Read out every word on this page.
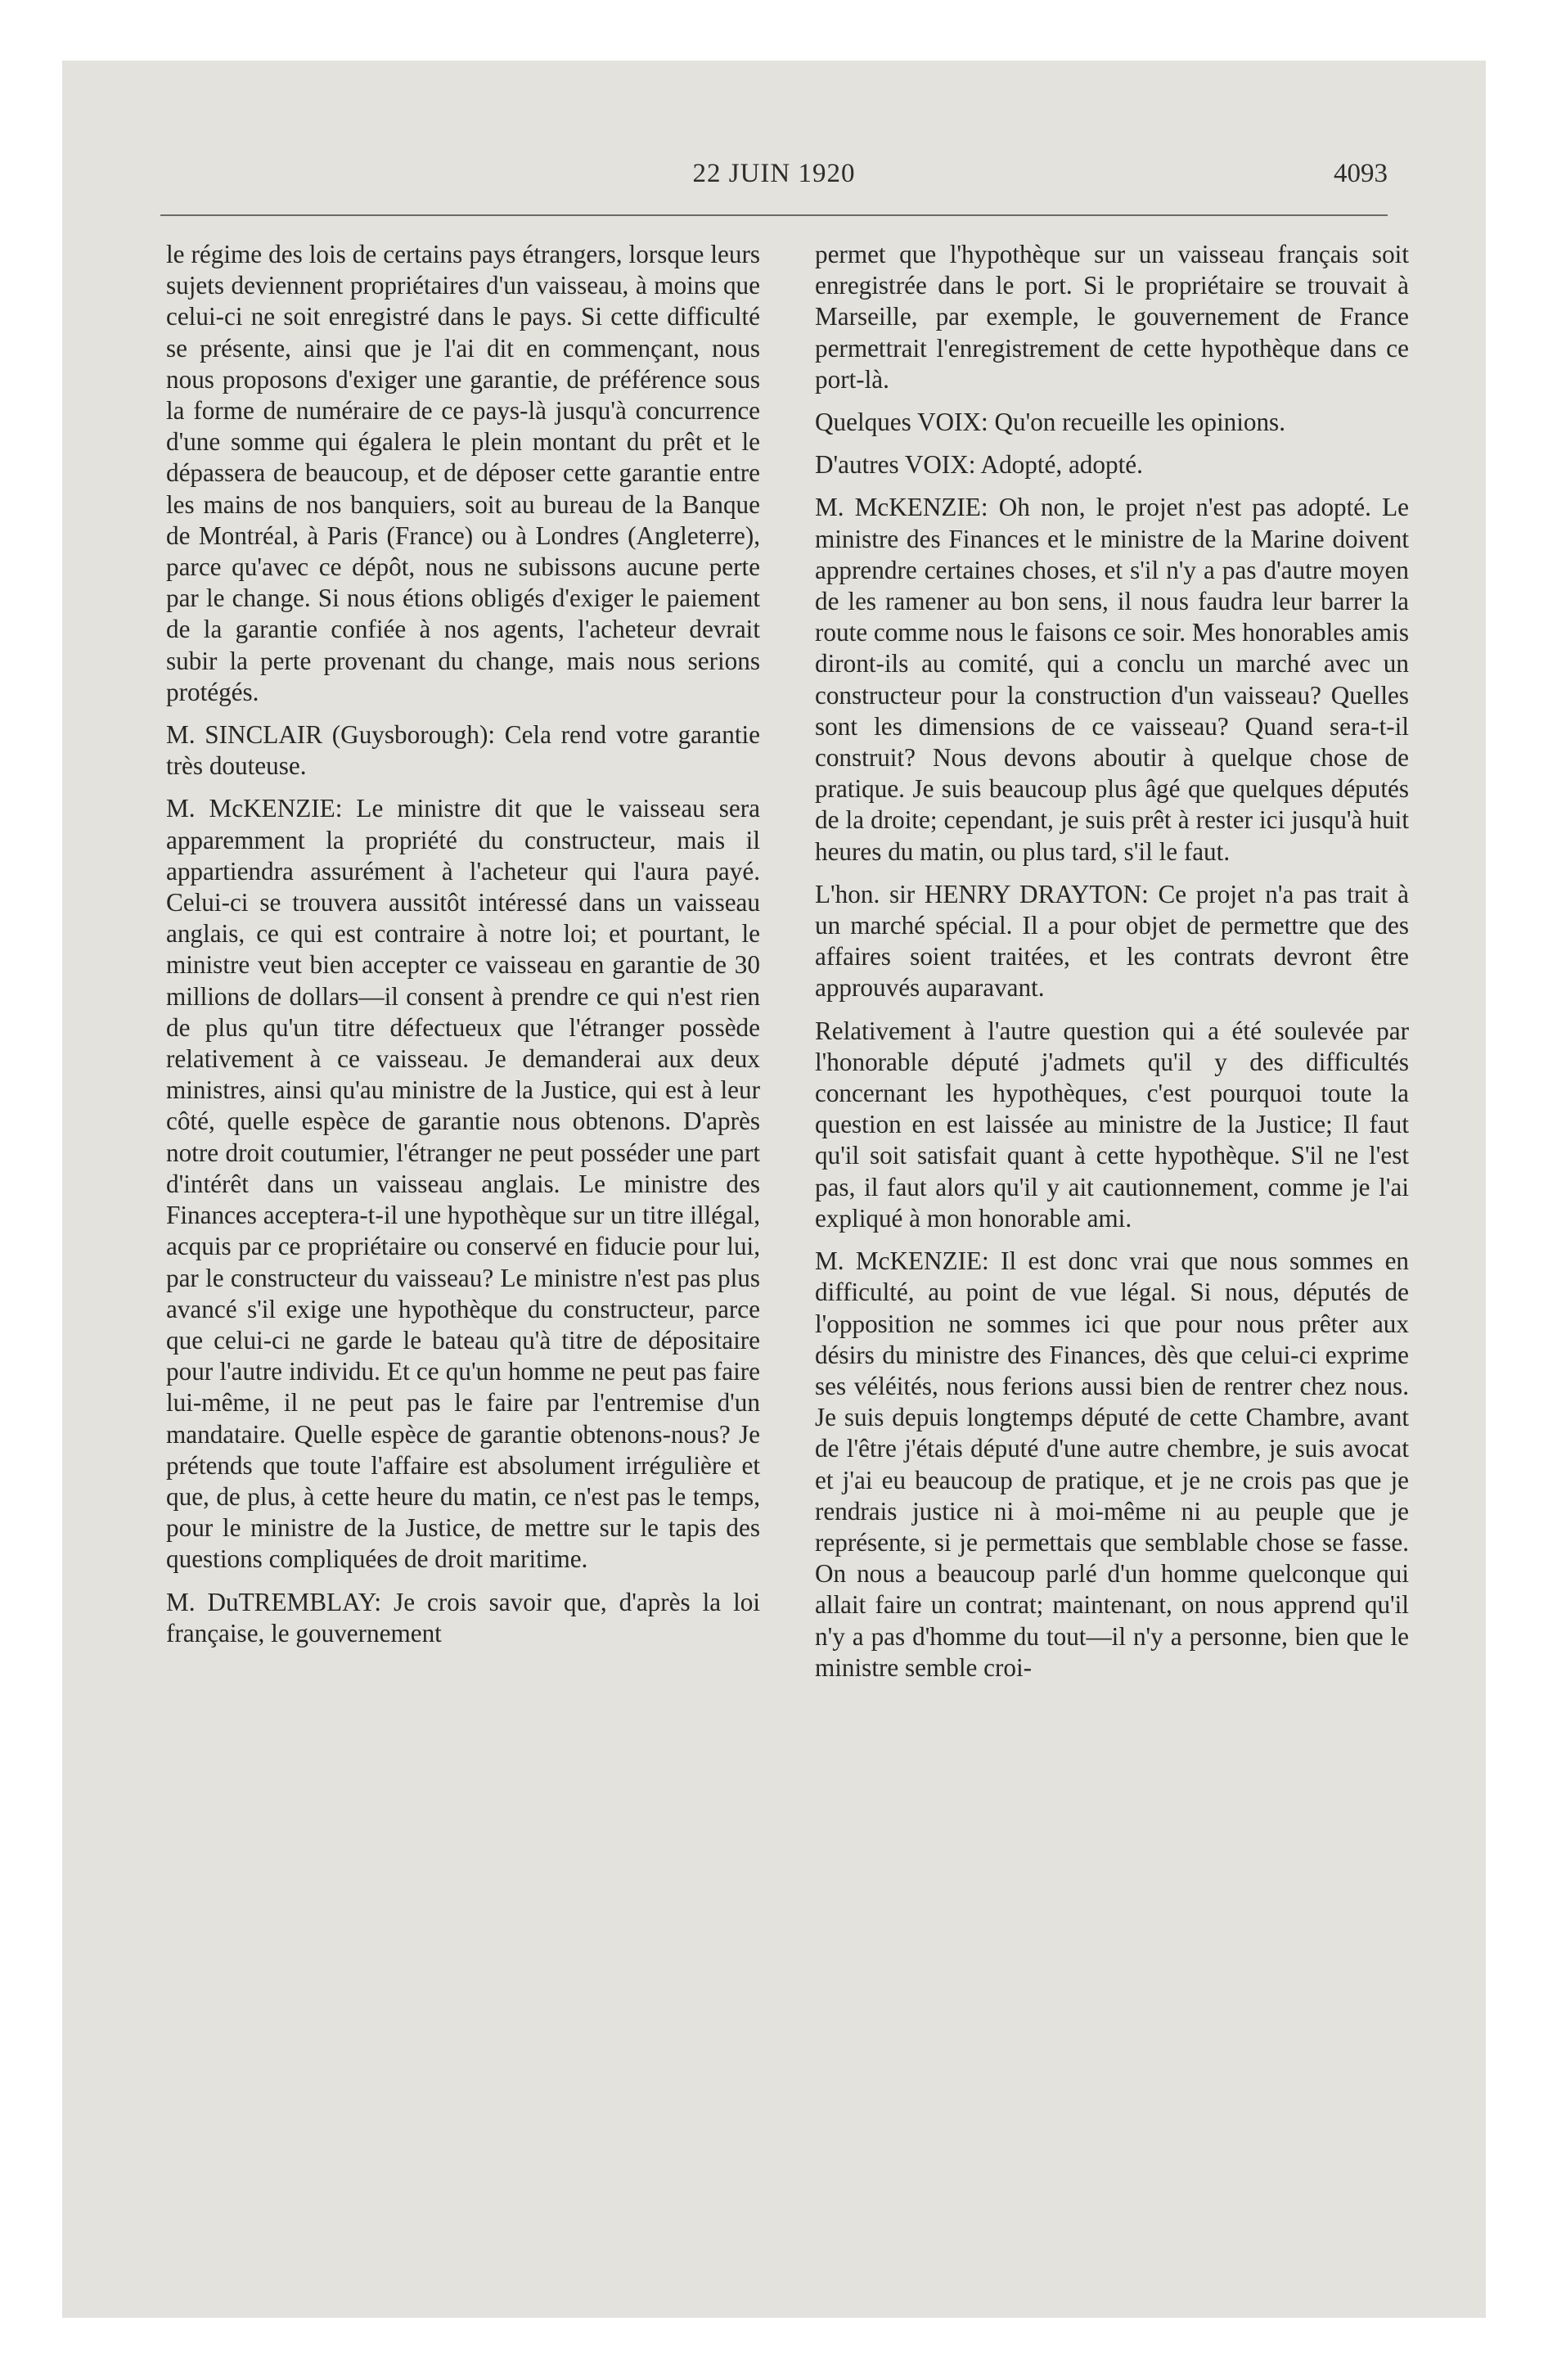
22 JUIN 1920	4093

le régime des lois de certains pays étrangers, lorsque leurs sujets deviennent propriétaires d'un vaisseau, à moins que celui-ci ne soit enregistré dans le pays. Si cette difficulté se présente, ainsi que je l'ai dit en commençant, nous nous proposons d'exiger une garantie, de préférence sous la forme de numéraire de ce pays-là jusqu'à concurrence d'une somme qui égalera le plein montant du prêt et le dépassera de beaucoup, et de déposer cette garantie entre les mains de nos banquiers, soit au bureau de la Banque de Montréal, à Paris (France) ou à Londres (Angleterre), parce qu'avec ce dépôt, nous ne subissons aucune perte par le change. Si nous étions obligés d'exiger le paiement de la garantie confiée à nos agents, l'acheteur devrait subir la perte provenant du change, mais nous serions protégés.

M. SINCLAIR (Guysborough): Cela rend votre garantie très douteuse.

M. McKENZIE: Le ministre dit que le vaisseau sera apparemment la propriété du constructeur, mais il appartiendra assurément à l'acheteur qui l'aura payé. Celui-ci se trouvera aussitôt intéressé dans un vaisseau anglais, ce qui est contraire à notre loi; et pourtant, le ministre veut bien accepter ce vaisseau en garantie de 30 millions de dollars—il consent à prendre ce qui n'est rien de plus qu'un titre défectueux que l'étranger possède relativement à ce vaisseau. Je demanderai aux deux ministres, ainsi qu'au ministre de la Justice, qui est à leur côté, quelle espèce de garantie nous obtenons. D'après notre droit coutumier, l'étranger ne peut posséder une part d'intérêt dans un vaisseau anglais. Le ministre des Finances acceptera-t-il une hypothèque sur un titre illégal, acquis par ce propriétaire ou conservé en fiducie pour lui, par le constructeur du vaisseau? Le ministre n'est pas plus avancé s'il exige une hypothèque du constructeur, parce que celui-ci ne garde le bateau qu'à titre de dépositaire pour l'autre individu. Et ce qu'un homme ne peut pas faire lui-même, il ne peut pas le faire par l'entremise d'un mandataire. Quelle espèce de garantie obtenons-nous? Je prétends que toute l'affaire est absolument irrégulière et que, de plus, à cette heure du matin, ce n'est pas le temps, pour le ministre de la Justice, de mettre sur le tapis des questions compliquées de droit maritime.

M. DuTREMBLAY: Je crois savoir que, d'après la loi française, le gouvernement

permet que l'hypothèque sur un vaisseau français soit enregistrée dans le port. Si le propriétaire se trouvait à Marseille, par exemple, le gouvernement de France permettrait l'enregistrement de cette hypothèque dans ce port-là.

Quelques VOIX: Qu'on recueille les opinions.

D'autres VOIX: Adopté, adopté.

M. McKENZIE: Oh non, le projet n'est pas adopté. Le ministre des Finances et le ministre de la Marine doivent apprendre certaines choses, et s'il n'y a pas d'autre moyen de les ramener au bon sens, il nous faudra leur barrer la route comme nous le faisons ce soir. Mes honorables amis diront-ils au comité, qui a conclu un marché avec un constructeur pour la construction d'un vaisseau? Quelles sont les dimensions de ce vaisseau? Quand sera-t-il construit? Nous devons aboutir à quelque chose de pratique. Je suis beaucoup plus âgé que quelques députés de la droite; cependant, je suis prêt à rester ici jusqu'à huit heures du matin, ou plus tard, s'il le faut.

L'hon. sir HENRY DRAYTON: Ce projet n'a pas trait à un marché spécial. Il a pour objet de permettre que des affaires soient traitées, et les contrats devront être approuvés auparavant.

Relativement à l'autre question qui a été soulevée par l'honorable député j'admets qu'il y des difficultés concernant les hypothèques, c'est pourquoi toute la question en est laissée au ministre de la Justice; Il faut qu'il soit satisfait quant à cette hypothèque. S'il ne l'est pas, il faut alors qu'il y ait cautionnement, comme je l'ai expliqué à mon honorable ami.

M. McKENZIE: Il est donc vrai que nous sommes en difficulté, au point de vue légal. Si nous, députés de l'opposition ne sommes ici que pour nous prêter aux désirs du ministre des Finances, dès que celui-ci exprime ses véléités, nous ferions aussi bien de rentrer chez nous. Je suis depuis longtemps député de cette Chambre, avant de l'être j'étais député d'une autre chembre, je suis avocat et j'ai eu beaucoup de pratique, et je ne crois pas que je rendrais justice ni à moi-même ni au peuple que je représente, si je permettais que semblable chose se fasse. On nous a beaucoup parlé d'un homme quelconque qui allait faire un contrat; maintenant, on nous apprend qu'il n'y a pas d'homme du tout—il n'y a personne, bien que le ministre semble croi-
